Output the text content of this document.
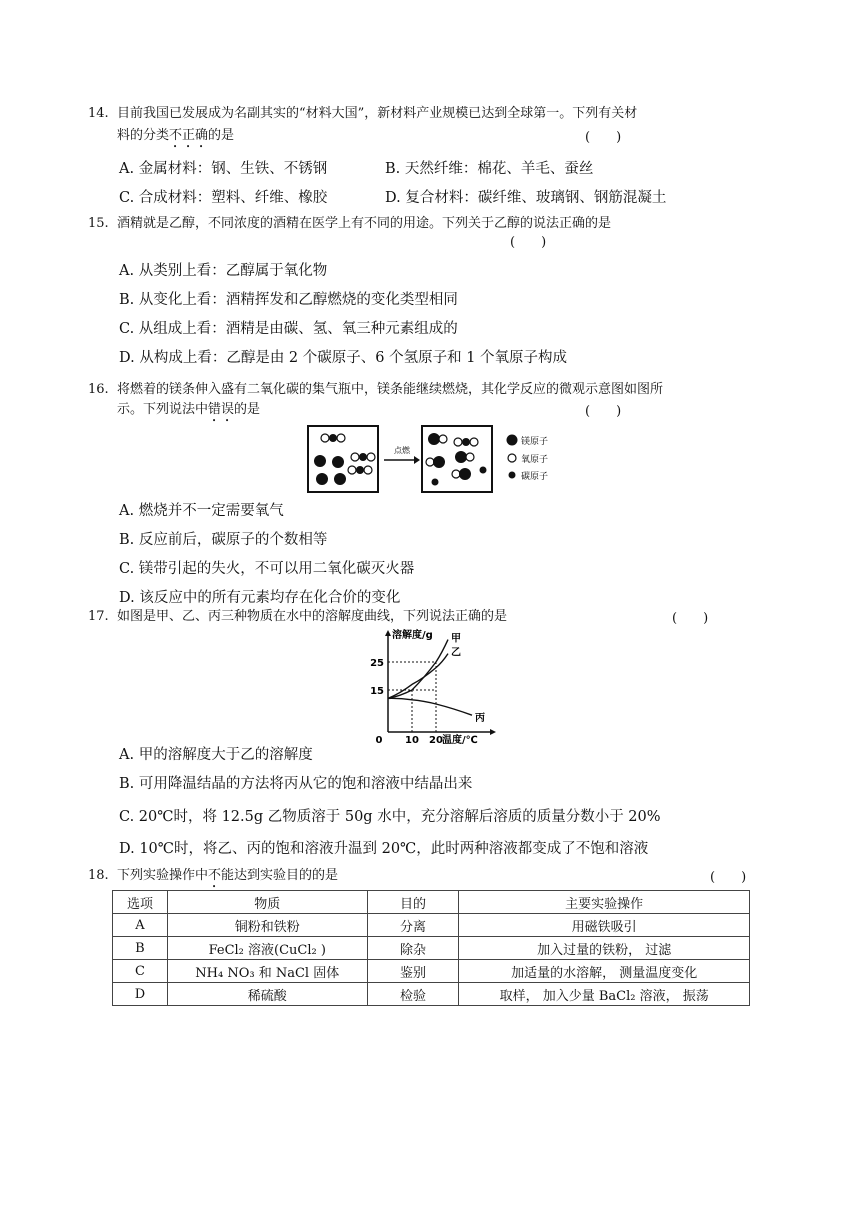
14. 目前我国已发展成为名副其实的“材料大国”，新材料产业规模已达到全球第一。下列有关材
料的分类不正确的是	(　　)
A. 金属材料：钢、生铁、不锈钢	B. 天然纤维：棉花、羊毛、蚕丝
C. 合成材料：塑料、纤维、橡胶	D. 复合材料：碳纤维、玻璃钢、钢筋混凝土
15. 酒精就是乙醇，不同浓度的酒精在医学上有不同的用途。下列关于乙醇的说法正确的是
(　　)
A. 从类别上看：乙醇属于氧化物
B. 从变化上看：酒精挥发和乙醇燃烧的变化类型相同
C. 从组成上看：酒精是由碳、氢、氧三种元素组成的
D. 从构成上看：乙醇是由 2 个碳原子、6 个氢原子和 1 个氧原子构成
16. 将燃着的镁条伸入盛有二氧化碳的集气瓶中，镁条能继续燃烧，其化学反应的微观示意图如图所
示。下列说法中错误的是	(　　)
点燃
镁原子
氧原子
碳原子
A. 燃烧并不一定需要氧气
B. 反应前后，碳原子的个数相等
C. 镁带引起的失火，不可以用二氧化碳灭火器
D. 该反应中的所有元素均存在化合价的变化
17. 如图是甲、乙、丙三种物质在水中的溶解度曲线，下列说法正确的是	(　　)
溶解度/g
温度/℃
0 10 20
15
25
甲
乙
丙
A. 甲的溶解度大于乙的溶解度
B. 可用降温结晶的方法将丙从它的饱和溶液中结晶出来
C. 20℃时，将 12.5g 乙物质溶于 50g 水中，充分溶解后溶质的质量分数小于 20%
D. 10℃时，将乙、丙的饱和溶液升温到 20℃，此时两种溶液都变成了不饱和溶液
18. 下列实验操作中不能达到实验目的的是	(　　)
选项	物质	目的	主要实验操作
A	铜粉和铁粉	分离	用磁铁吸引
B	FeCl₂ 溶液(CuCl₂ )	除杂	加入过量的铁粉， 过滤
C	NH₄ NO₃ 和 NaCl 固体	鉴别	加适量的水溶解， 测量温度变化
D	稀硫酸	检验	取样， 加入少量 BaCl₂ 溶液， 振荡
